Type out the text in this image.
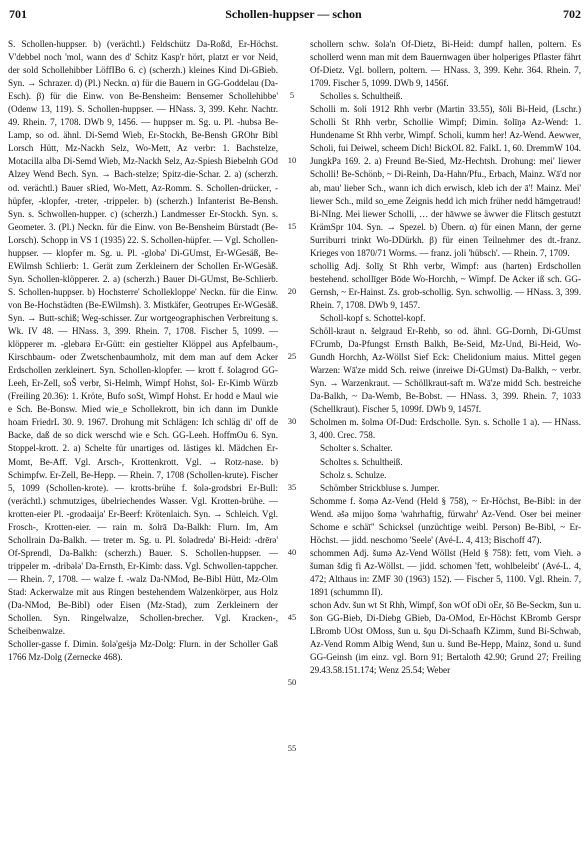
701	Schollen-huppser — schon	702

S. Schollen-huppser. b) (verächtl.) Feldschütz Da-Roßd, Er-Höchst. V'debbel noch 'mol, wann des d' Schitz Kasp'r hört, platzt er vor Neid, der sold Schollehibber LöffIBo 6. c) (scherzh.) kleines Kind Di-GBieb. Syn. → Schrazer. d) (Pl.) Neckn. α) für die Bauern in GG-Goddelau (Da-Esch). β) für die Einw. von Be-Bensheim: Bensemer Schollehibbe' (Odenw 13, 119). S. Schollen-huppser. — HNass. 3, 399. Kehr. Nachtr. 49. Rhein. 7, 1708. DWb 9, 1456. — huppser m. Sg. u. Pl. -hubsə Be-Lamp, so od. ähnl. Di-Semd Wieb, Er-Stockh, Be-Bensh GROhr Bibl Lorsch Hütt, Mz-Nackh Selz, Wo-Mett, Az verbr: 1. Bachstelze, Motacilla alba Di-Semd Wieb, Mz-Nackh Selz, Az-Spiesh Biebelnh GOd Alzey Wend Bech. Syn. → Bach-stelze; Spitz-die-Schar. 2. a) (scherzh. od. verächtl.) Bauer sRied, Wo-Mett, Az-Romm. S. Schollen-drücker, -hüpfer, -klopfer, -treter, -trippeler. b) (scherzh.) Infanterist Be-Bensh. Syn. s. Schwollen-hupper. c) (scherzh.) Landmesser Er-Stockh. Syn. s. Geometer. 3. (Pl.) Neckn. für die Einw. von Be-Bensheim Bürstadt (Be-Lorsch). Schopp in VS 1 (1935) 22. S. Schollen-hüpfer. — Vgl. Schollen-huppser. — klopfer m. Sg. u. Pl. -globə' Di-GUmst, Er-WGesäß, Be-EWilmsh Schlierb: 1. Gerät zum Zerkleinern der Schollen Er-WGesäß. Syn. Schollen-klöpperer. 2. a) (scherzh.) Bauer Di-GUmst, Be-Schlierb. S. Schollen-huppser. b) Hochsterre' Schollekloppe' Neckn. für die Einw. von Be-Hochstädten (Be-EWilmsh). 3. Mistkäfer, Geotrupes Er-WGesäß. Syn. → Butt-schiß; Weg-schisser. Zur wortgeographischen Verbreitung s. Wk. IV 48. — HNass. 3, 399. Rhein. 7, 1708. Fischer 5, 1099. — klöpperer m. -glebərə Er-Gütt: ein gestielter Klöppel aus Apfelbaum-, Kirschbaum- oder Zwetschenbaumholz, mit dem man auf dem Acker Erdschollen zerkleinert. Syn. Schollen-klopfer. — krott f. šolagrod GG-Leeh, Er-Zell, soŠ verbr, Si-Helmh, Wimpf Hohst, šol- Er-Kimb Würzb (Freiling 20.36): 1. Kröte, Bufo soSt, Wimpf Hohst. Er hodd e Maul wie e Sch. Be-Bonsw. Mied wie_e Schollekrott, bin ich dann im Dunkle hoam FriedrL 30. 9. 1967. Drohung mit Schlägen: Ich schläg di' off de Backe, daß de so dick werschd wie e Sch. GG-Leeh. HoffmOu 6. Syn. Stoppel-krott. 2. a) Schelte für unartiges od. lästiges kl. Mädchen Er-Momt, Be-Aff. Vgl. Arsch-, Krottenkrott. Vgl. → Rotz-nase. b) Schimpfw. Er-Zell, Be-Hepp. — Rhein. 7, 1708 (Schollen-krute). Fischer 5, 1099 (Schollen-krote). — krotts-brühe f. šolə-grodsbri Er-Bull: (verächtl.) schmutziges, übelriechendes Wasser. Vgl. Krotten-brühe. — krotten-eier Pl. -grodəaija' Er-Beerf: Krötenlaich. Syn. → Schleich. Vgl. Frosch-, Krotten-eier. — rain m. šolrā Da-Balkh: Flurn. Im, Am Schollrain Da-Balkh. — treter m. Sg. u. Pl. šolədredə' Bi-Heid: -drērə' Of-Sprendl, Da-Balkh: (scherzh.) Bauer. S. Schollen-huppser. — trippeler m. -dribələ' Da-Ernsth, Er-Kimb: dass. Vgl. Schwollen-tappcher. — Rhein. 7, 1708. — walze f. -walz Da-NMod, Be-Bibl Hütt, Mz-Olm Stad: Ackerwalze mit aus Ringen bestehendem Walzenkörper, aus Holz (Da-NMod, Be-Bibl) oder Eisen (Mz-Stad), zum Zerkleinern der Schollen. Syn. Ringelwalze, Schollen-brecher. Vgl. Kracken-, Scheibenwalze.

Scholler-gasse f. Dimin. šolə'geṡjə Mz-Dolg: Flurn. in der Scholler Gaß 1766 Mz-Dolg (Zernecke 468).

5
10
15
20
25
30
35
40
45
50
55

schollern schw. šolə'n Of-Dietz, Bi-Heid: dumpf hallen, poltern. Es schollerd wenn man mit dem Bauernwagen über holperiges Pflaster fährt Of-Dietz. Vgl. bollern, poltern. — HNass. 3, 399. Kehr. 364. Rhein. 7, 1709. Fischer 5, 1099. DWb 9, 1456f.

Scholles s. Schultheiß.

Scholli m. šoli 1912 Rhh verbr (Martin 33.55), šōli Bi-Heid, (Lschr.) Scholli St Rhh verbr, Schollie Wimpf; Dimin. šolīŋə Az-Wend: 1. Hundename St Rhh verbr, Wimpf. Scholi, kumm her! Az-Wend. Aewwer, Scholi, fui Deiwel, scheem Dich! BickOL 82. FalkL 1, 60. DremmW 104. JungkPa 169. 2. a) Freund Be-Sied, Mz-Hechtsh. Drohung: mei' liewer Scholli! Be-Schönb, ~ Di-Reinh, Da-Hahn/Pfu., Erbach, Mainz. Wā'd nor ab, mau' lieber Sch., wann ich dich erwisch, kleb ich der ā'! Mainz. Mei' liewer Sch., mild so_eme Zeignis hedd ich mich früher nedd hāmgetraud! Bi-NIng. Mei liewer Scholli, … der hāwwe se äwwer die Flitsch gestutzt KrämSpr 104. Syn. → Spezel. b) Übern. α) für einen Mann, der gerne Surriburri trinkt Wo-DDürkh. β) für einen Teilnehmer des dt.-franz. Krieges von 1870/71 Worms. — franz. joli 'hübsch'. — Rhein. 7, 1709.

schollig Adj. šolīχ St Rhh verbr, Wimpf: aus (harten) Erdschollen bestehend. schollīger Bōde Wo-Horchh, ~ Wimpf. De Acker iß sch. GG-Gernsh, ~ Er-Hainst. Zs. grob-schollig. Syn. schwollig. — HNass. 3, 399. Rhein. 7, 1708. DWb 9, 1457.

Scholl-kopf s. Schottel-kopf.

Schöll-kraut n. šelgraud Er-Rehb, so od. ähnl. GG-Dornh, Di-GUmst FCrumb, Da-Pfungst Ernsth Balkh, Be-Seid, Mz-Und, Bi-Heid, Wo-Gundh Horchh, Az-Wöllst Sief Eck: Chelidonium maius. Mittel gegen Warzen: Wā'ze midd Sch. reiwe (inreiwe Di-GUmst) Da-Balkh, ~ verbr. Syn. → Warzenkraut. — Schöllkraut-saft m. Wā'ze midd Sch. bestreiche Da-Balkh, ~ Da-Wemb, Be-Bobst. — HNass. 3, 399. Rhein. 7, 1033 (Schellkraut). Fischer 5, 1099f. DWb 9, 1457f.

Scholmen m. šolmə Of-Dud: Erdscholle. Syn. s. Scholle 1 a). — HNass. 3, 400. Crec. 758.

Scholter s. Schalter.

Scholtes s. Schultheiß.

Scholz s. Schulze.

Schömber Strickbluse s. Jumper.

Schomme f. šoṃə Az-Vend (Held § 758), ~ Er-Höchst, Be-Bibl: in der Wend. əšə mijṇo šoṃə 'wahrhaftig, fürwahr' Az-Vend. Oser bei meiner Schome e schäī" Schicksel (unzüchtige weibl. Person) Be-Bibl, ~ Er-Höchst. — jidd. neschomo 'Seele' (Avé-L. 4, 413; Bischoff 47).

schommen Adj. šumə Az-Vend Wöllst (Held § 758): fett, vom Vieh. ə šuman šdig fi Az-Wöllst. — jidd. schomen 'fett, wohlbeleibt' (Avé-L. 4, 472; Althaus in: ZMF 30 (1963) 152). — Fischer 5, 1100. Vgl. Rhein. 7, 1891 (schummn II).

schon Adv. šun wt St Rhh, Wimpf, šon wOf oDi oEr, šō Be-Seckm, šun u. šon GG-Bieb, Di-Diebg GBieb, Da-OMod, Er-Höchst KBromb Gerspr LBromb UOst OMoss, šun u. šǫu Di-Schaafh KZimm, šund Bi-Schwab, Az-Vend Romm Albig Wend, šun u. šund Be-Hepp, Mainz, šond u. šund GG-Geinsh (im einz. vgl. Born 91; Bertaloth 42.90; Grund 27; Freiling 29.43.58.151.174; Wenz 25.54; Weber
